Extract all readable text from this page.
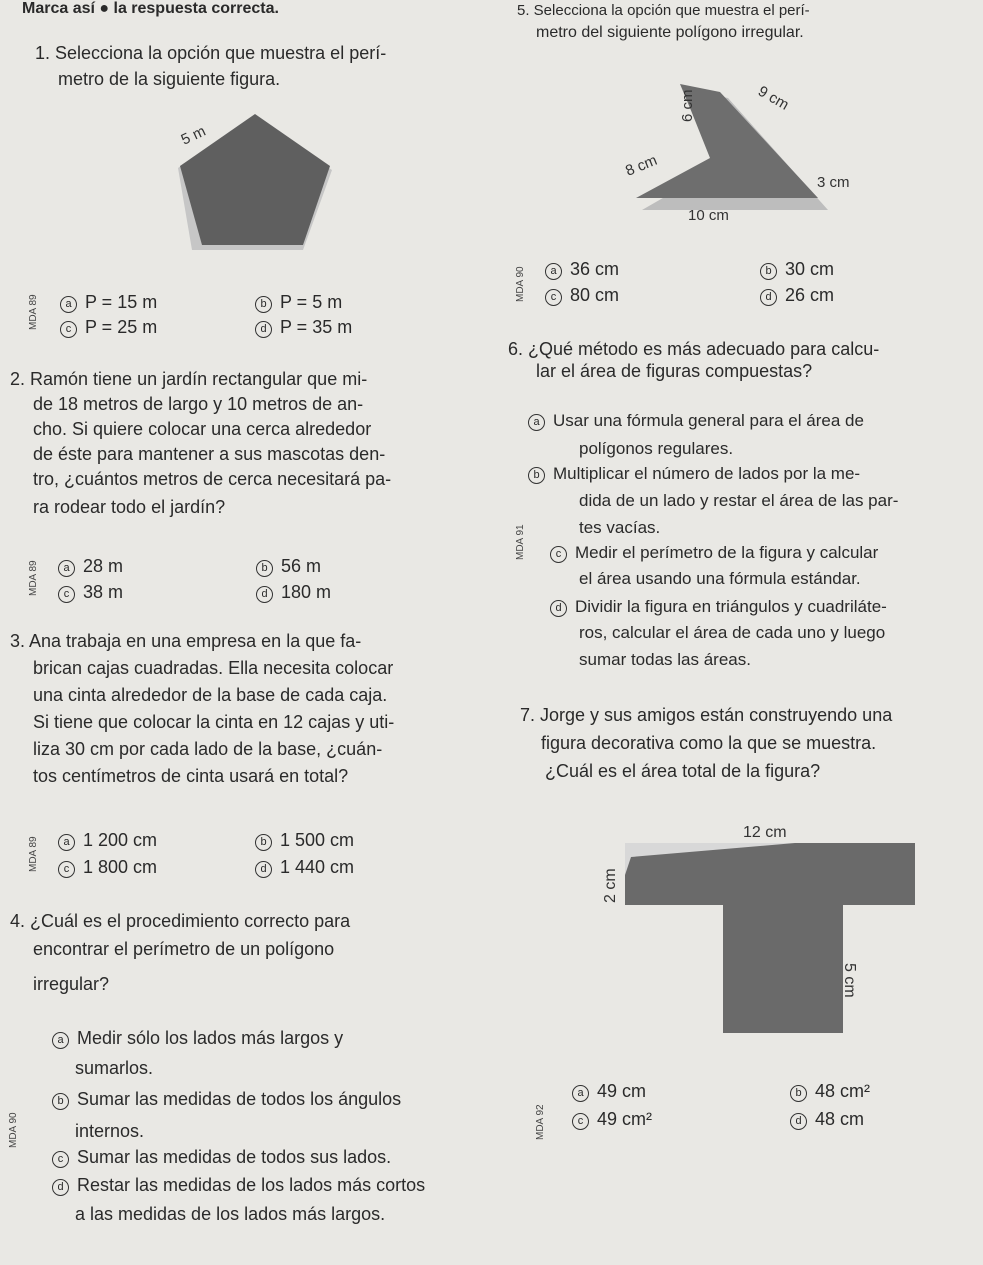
Marca así ● la respuesta correcta.	5. Selecciona la opción que muestra el perí-
metro del siguiente polígono irregular.
1. Selecciona la opción que muestra el perí-
metro de la siguiente figura.
5 m
MDA 89	a P = 15 m	b P = 5 m
c P = 25 m	d P = 35 m
2. Ramón tiene un jardín rectangular que mi-
de 18 metros de largo y 10 metros de an-
cho. Si quiere colocar una cerca alrededor
de éste para mantener a sus mascotas den-
tro, ¿cuántos metros de cerca necesitará pa-
ra rodear todo el jardín?
MDA 89	a 28 m	b 56 m
c 38 m	d 180 m
3. Ana trabaja en una empresa en la que fa-
brican cajas cuadradas. Ella necesita colocar
una cinta alrededor de la base de cada caja.
Si tiene que colocar la cinta en 12 cajas y uti-
liza 30 cm por cada lado de la base, ¿cuán-
tos centímetros de cinta usará en total?
MDA 89	a 1 200 cm	b 1 500 cm
c 1 800 cm	d 1 440 cm
4. ¿Cuál es el procedimiento correcto para
encontrar el perímetro de un polígono
irregular?
a Medir sólo los lados más largos y
sumarlos.
MDA 90
b Sumar las medidas de todos los ángulos
internos.
c Sumar las medidas de todos sus lados.
d Restar las medidas de los lados más cortos
a las medidas de los lados más largos.
6 cm	9 cm
8 cm
3 cm
10 cm
MDA 90	a 36 cm	b 30 cm
c 80 cm	d 26 cm
6. ¿Qué método es más adecuado para calcu-
lar el área de figuras compuestas?
a Usar una fórmula general para el área de
polígonos regulares.
b Multiplicar el número de lados por la me-
dida de un lado y restar el área de las par-
tes vacías.
MDA 91	c Medir el perímetro de la figura y calcular
el área usando una fórmula estándar.
d Dividir la figura en triángulos y cuadriláte-
ros, calcular el área de cada uno y luego
sumar todas las áreas.
7. Jorge y sus amigos están construyendo una
figura decorativa como la que se muestra.
¿Cuál es el área total de la figura?
12 cm
2 cm
5 cm
MDA 92
a 49 cm	b 48 cm²
c 49 cm²	d 48 cm
